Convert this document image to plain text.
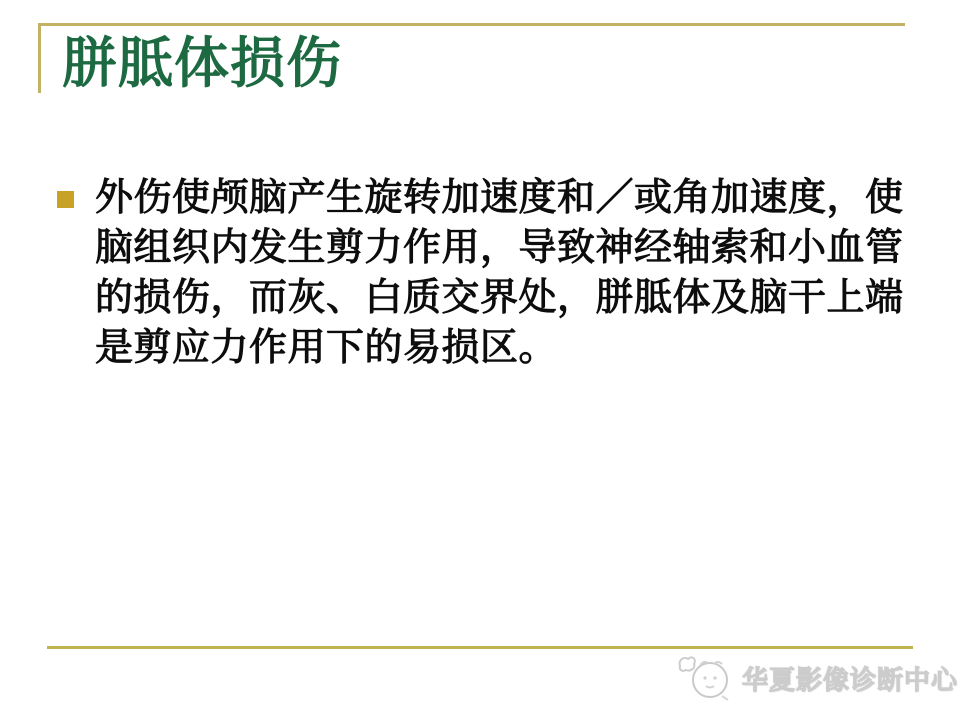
胼胝体损伤
外伤使颅脑产生旋转加速度和／或角加速度，使
脑组织内发生剪力作用，导致神经轴索和小血管
的损伤，而灰、白质交界处，胼胝体及脑干上端
是剪应力作用下的易损区。
华夏影像诊断中心
